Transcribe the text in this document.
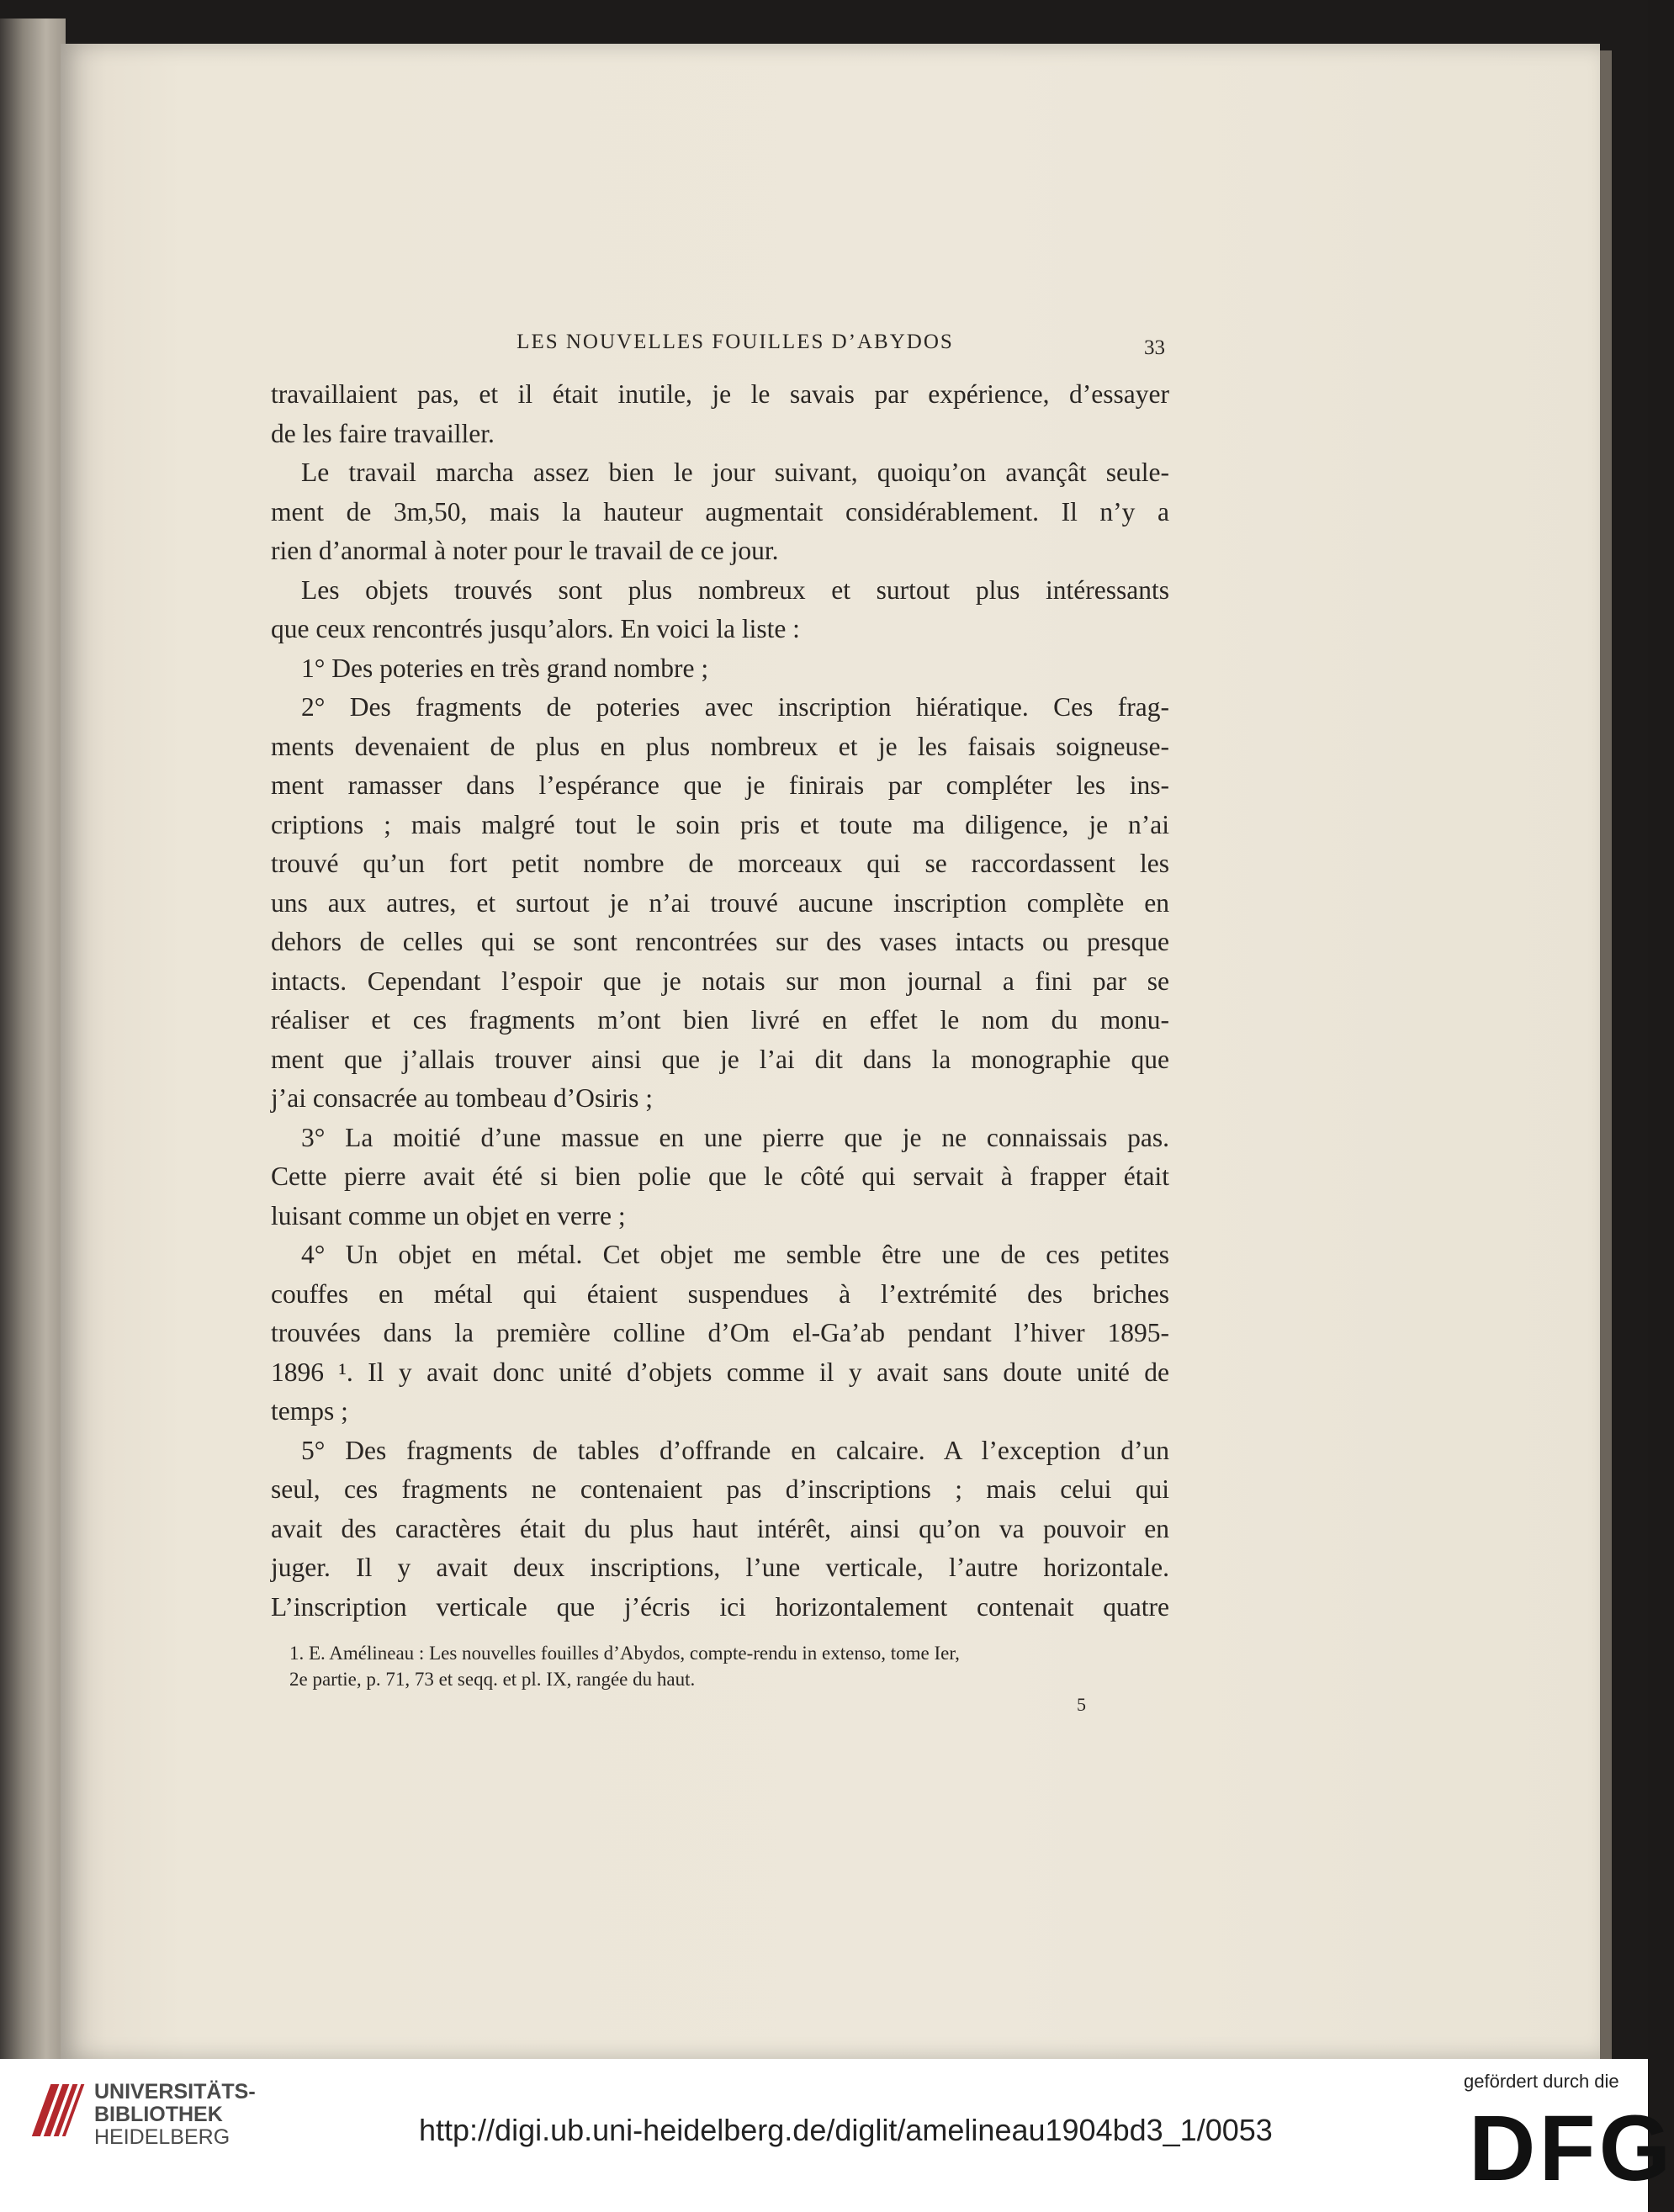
LES NOUVELLES FOUILLES D’ABYDOS	33
travaillaient pas, et il était inutile, je le savais par expérience, d’essayer
de les faire travailler.
Le travail marcha assez bien le jour suivant, quoiqu’on avançât seule-
ment de 3m,50, mais la hauteur augmentait considérablement. Il n’y a
rien d’anormal à noter pour le travail de ce jour.
Les objets trouvés sont plus nombreux et surtout plus intéressants
que ceux rencontrés jusqu’alors. En voici la liste :
1° Des poteries en très grand nombre ;
2° Des fragments de poteries avec inscription hiératique. Ces frag-
ments devenaient de plus en plus nombreux et je les faisais soigneuse-
ment ramasser dans l’espérance que je finirais par compléter les ins-
criptions ; mais malgré tout le soin pris et toute ma diligence, je n’ai
trouvé qu’un fort petit nombre de morceaux qui se raccordassent les
uns aux autres, et surtout je n’ai trouvé aucune inscription complète en
dehors de celles qui se sont rencontrées sur des vases intacts ou presque
intacts. Cependant l’espoir que je notais sur mon journal a fini par se
réaliser et ces fragments m’ont bien livré en effet le nom du monu-
ment que j’allais trouver ainsi que je l’ai dit dans la monographie que
j’ai consacrée au tombeau d’Osiris ;
3° La moitié d’une massue en une pierre que je ne connaissais pas.
Cette pierre avait été si bien polie que le côté qui servait à frapper était
luisant comme un objet en verre ;
4° Un objet en métal. Cet objet me semble être une de ces petites
couffes en métal qui étaient suspendues à l’extrémité des briches
trouvées dans la première colline d’Om el-Ga’ab pendant l’hiver 1895-
1896 ¹. Il y avait donc unité d’objets comme il y avait sans doute unité de
temps ;
5° Des fragments de tables d’offrande en calcaire. A l’exception d’un
seul, ces fragments ne contenaient pas d’inscriptions ; mais celui qui
avait des caractères était du plus haut intérêt, ainsi qu’on va pouvoir en
juger. Il y avait deux inscriptions, l’une verticale, l’autre horizontale.
L’inscription verticale que j’écris ici horizontalement contenait quatre
1. E. Amélineau : Les nouvelles fouilles d’Abydos, compte-rendu in extenso, tome Ier,
2e partie, p. 71, 73 et seqq. et pl. IX, rangée du haut.
5
UNIVERSITÄTS-
BIBLIOTHEK
HEIDELBERG	http://digi.ub.uni-heidelberg.de/diglit/amelineau1904bd3_1/0053
gefördert durch die
DFG
